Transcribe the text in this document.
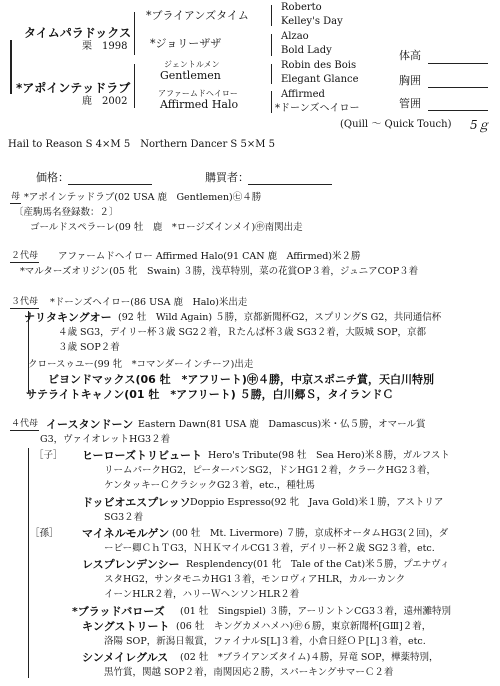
タイムパラドックス
栗　1998
*アポインテッドラブ
鹿　2002
*ブライアンズタイム
*ジョリーザザ
ジェントルメン
Gentlemen
アファームドヘイロー
Affirmed Halo
Roberto
Kelley's Day
Alzao
Bold Lady
Robin des Bois
Elegant Glance
Affirmed
*ドーンズヘイロー
(Quill ～ Quick Touch) 5ｇ
体高
胸囲
管囲
Hail to Reason S 4×M 5　Northern Dancer S 5×M 5
価格：	購買者：
母 *アポインテッドラブ(02 USA 鹿　Gentlemen)㊆４勝
〔産駒馬名登録数：２〕
ゴールドスペラーレ(09 牡　鹿　*ロージズインメイ)㊥南関出走
２代母 アファームドヘイロー Affirmed Halo(91 CAN 鹿　Affirmed)米２勝
*マルターズオリジン(05 牝　Swain) ３勝，浅草特別，菜の花賞OP３着，ジュニアCOP３着
３代母 *ドーンズヘイロー(86 USA 鹿　Halo)米出走
ナリタキングオー (92 牡　Wild Again) ５勝，京都新聞杯G2，スプリングS G2，共同通信杯
４歳 SG3，デイリー杯３歳 SG2２着，Ｒたんぱ杯３歳 SG3２着，大阪城 SOP，京都
３歳 SOP２着
クロースゥユー(99 牝　*コマンダーインチーフ)出走
ビヨンドマックス(06 牡　*アフリート)㊥４勝，中京スポニチ賞，天白川特別
サテライトキャノン(01 牡　*アフリート) ５勝，白川郷Ｓ，タイランドＣ
４代母 イースタンドーン Eastern Dawn(81 USA 鹿　Damascus)米・仏５勝，オマール賞
G3，ヴァイオレットHG3２着
［子］ ヒーローズトリビュート Hero's Tribute(98 牡　Sea Hero)米８勝，ガルフスト
リームパークHG2，ピーターパンSG2，ドンHG1２着，クラークHG2３着，
ケンタッキーＣクラシックG2３着，etc.，種牡馬
ドッビオエスプレッソ Doppio Espresso(92 牝　Java Gold)米１勝，アストリア
SG3２着
［孫］ マイネルモルゲン (00 牡　Mt. Livermore) ７勝，京成杯オータムHG3(２回)，ダ
ービー卿ＣｈＴG3，ＮＨＫマイルCG1３着，デイリー杯２歳 SG2３着，etc.
レスプレンデンシー Resplendency(01 牝　Tale of the Cat)米５勝，プエナヴィ
スタHG2，サンタモニカHG1３着，モンロヴィアHLR，カルーカンク
イーンHLR２着，ハリーＷヘンソンHLR２着
*ブラッドバローズ (01 牡　Singspiel) ３勝，アーリントンCG3３着，遠州灘特別
キングストリート (06 牡　キングカメハメハ)㊥６勝，東京新聞杯[GⅢ]２着，
洛陽 SOP，新潟日報賞，ファイナルS[L]３着，小倉日経ＯＰ[L]３着，etc.
シンメイレグルス (02 牡　*ブライアンズタイム)４勝，昇竜 SOP，樺薬特別，
黒竹賞，関越 SOP２着，南関因応２勝，スパーキングサマーＣ２着
